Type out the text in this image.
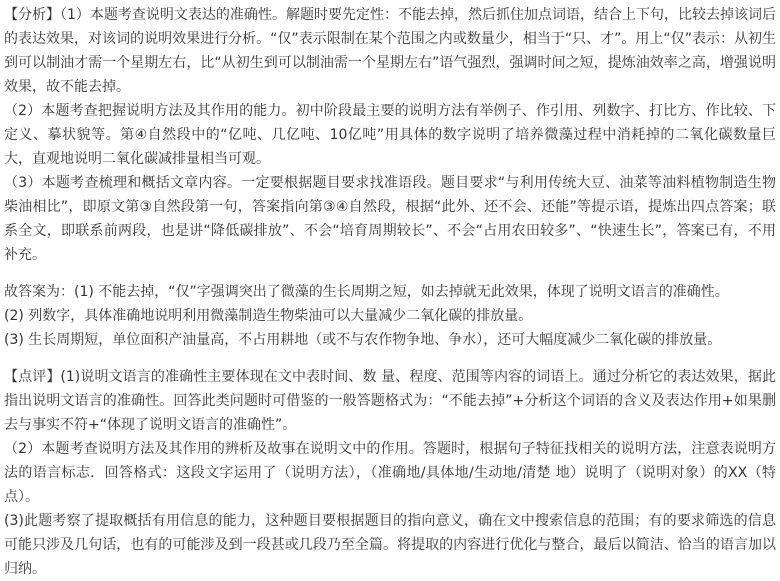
【分析】（1）本题考查说明文表达的准确性。解题时要先定性：不能去掉，然后抓住加点词语，结合上下句，比较去掉该词后的表达效果，对该词的说明效果进行分析。“仅”表示限制在某个范围之内或数量少，相当于“只、才”。用上“仅”表示：从初生到可以制油才需一个星期左右，比“从初生到可以制油需一个星期左右”语气强烈，强调时间之短，提炼油效率之高，增强说明效果，故不能去掉。

（2）本题考查把握说明方法及其作用的能力。初中阶段最主要的说明方法有举例子、作引用、列数字、打比方、作比较、下定义、摹状貌等。第④自然段中的“亿吨、几亿吨、10亿吨”用具体的数字说明了培养微藻过程中消耗掉的二氧化碳数量巨大，直观地说明二氧化碳减排量相当可观。

（3）本题考查梳理和概括文章内容。一定要根据题目要求找准语段。题目要求“与利用传统大豆、油菜等油料植物制造生物柴油相比”，即原文第③自然段第一句，答案指向第③④自然段，根据“此外、还不会、还能”等提示语，提炼出四点答案；联系全文，即联系前两段，也是讲“降低碳排放”、不会“培育周期较长”、不会“占用农田较多”、“快速生长”，答案已有，不用补充。

故答案为：(1) 不能去掉，“仅”字强调突出了微藻的生长周期之短，如去掉就无此效果，体现了说明文语言的准确性。

(2) 列数字，具体准确地说明利用微藻制造生物柴油可以大量减少二氧化碳的排放量。

(3) 生长周期短，单位面积产油量高，不占用耕地（或不与农作物争地、争水），还可大幅度减少二氧化碳的排放量。

【点评】(1)说明文语言的准确性主要体现在文中表时间、数 量、程度、范围等内容的词语上。通过分析它的表达效果，据此指出说明文语言的准确性。回答此类问题时可借鉴的一般答题格式为：“不能去掉”+分析这个词语的含义及表达作用+如果删去与事实不符+“体现了说明文语言的准确性”。

（2）本题考查说明方法及其作用的辨析及故事在说明文中的作用。答题时，根据句子特征找相关的说明方法，注意表说明方法的语言标志．回答格式：这段文字运用了（说明方法），（准确地/具体地/生动地/清楚 地）说明了（说明对象）的XX（特点）。

(3)此题考察了提取概括有用信息的能力，这种题目要根据题目的指向意义，确在文中搜索信息的范围；有的要求筛选的信息可能只涉及几句话，也有的可能涉及到一段甚或几段乃至全篇。将提取的内容进行优化与整合，最后以简洁、恰当的语言加以归纳。
